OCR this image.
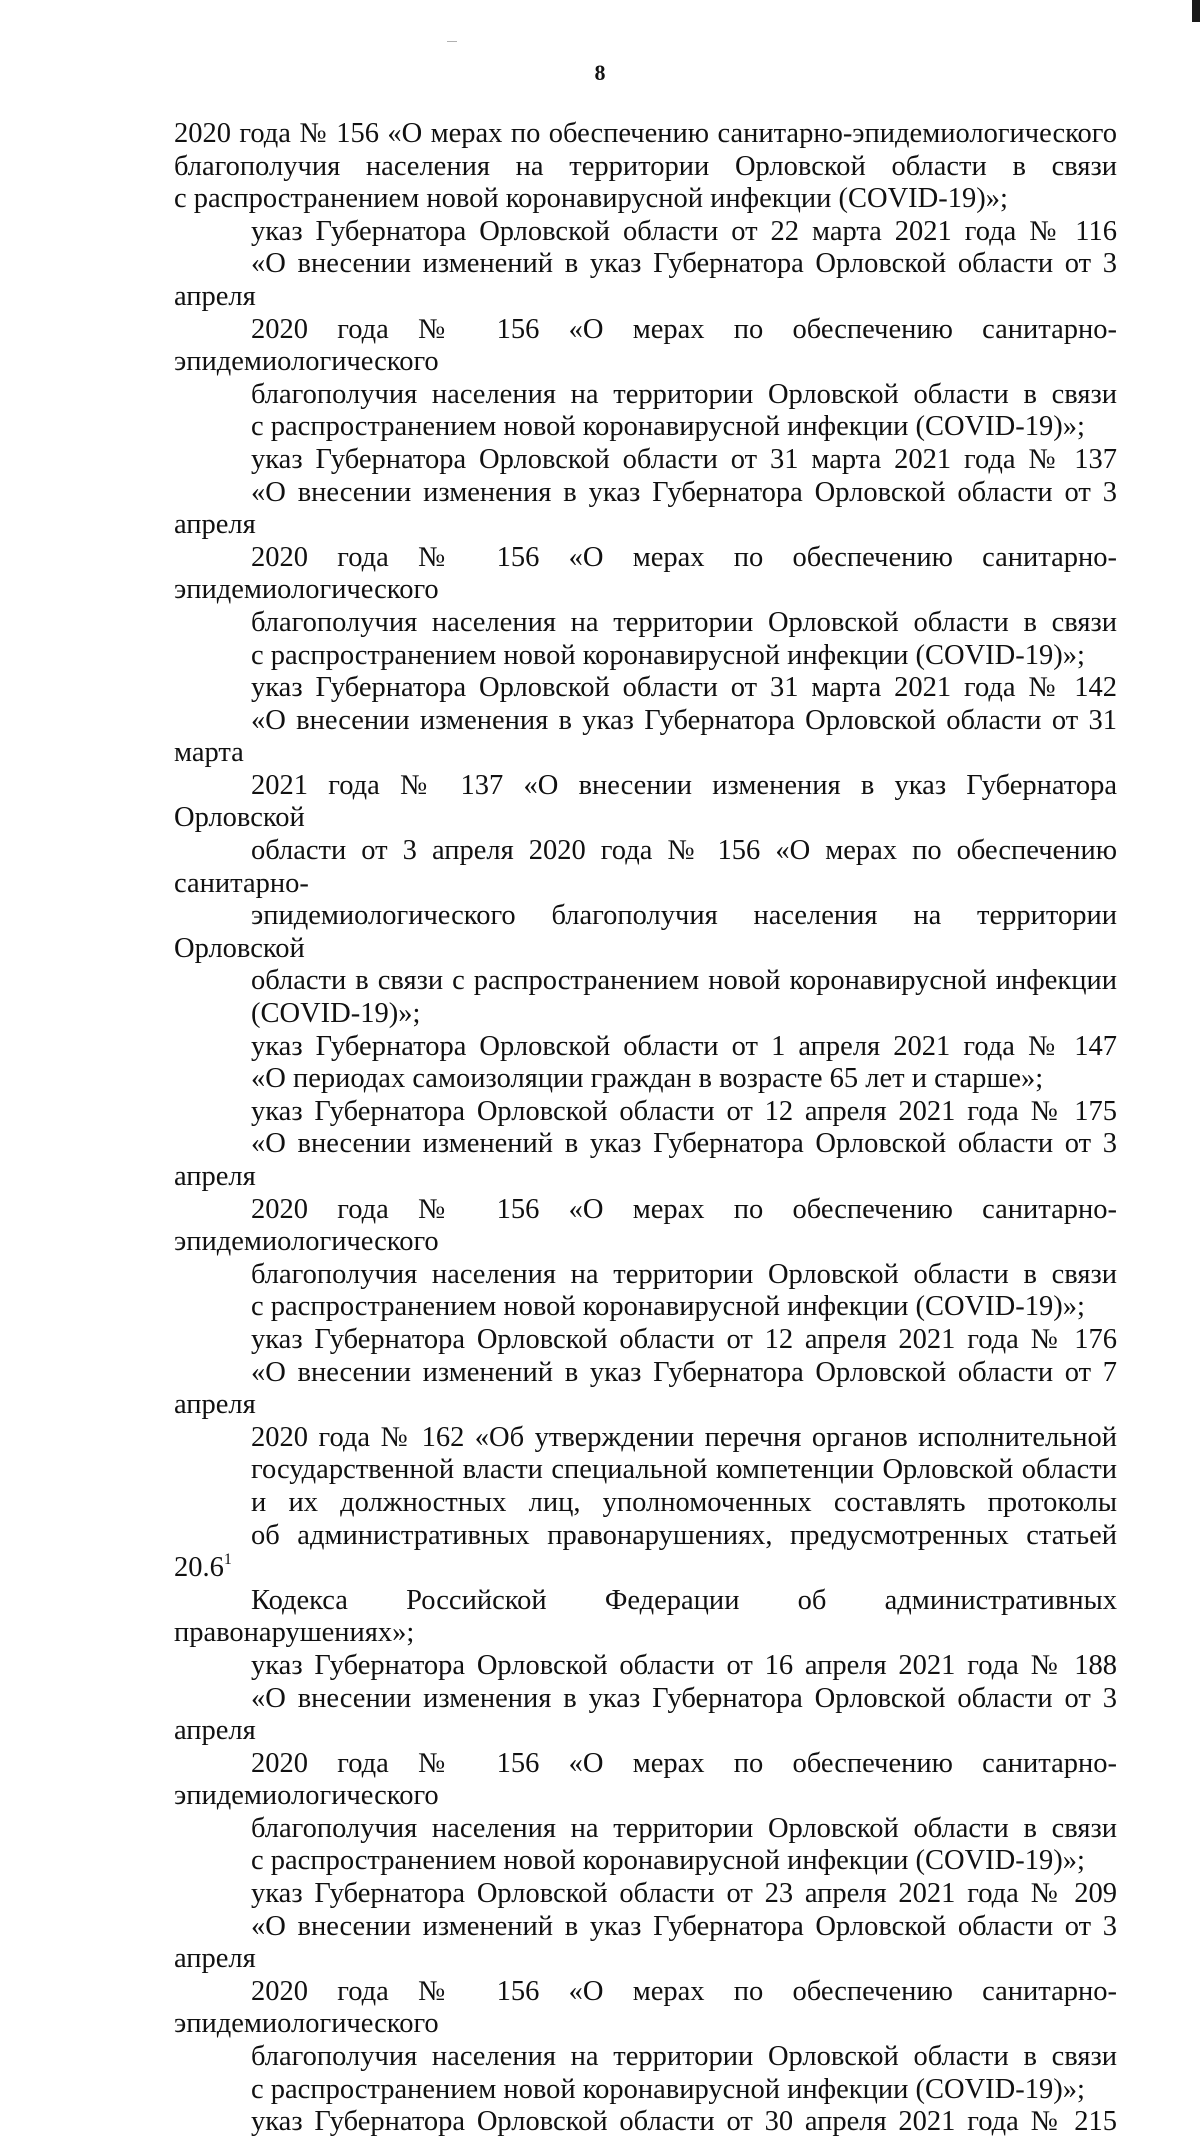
8
2020 года № 156 «О мерах по обеспечению санитарно-эпидемиологического
благополучия населения на территории Орловской области в связи
с распространением новой коронавирусной инфекции (COVID-19)»;
указ Губернатора Орловской области от 22 марта 2021 года № 116
«О внесении изменений в указ Губернатора Орловской области от 3 апреля
2020 года № 156 «О мерах по обеспечению санитарно-эпидемиологического
благополучия населения на территории Орловской области в связи
с распространением новой коронавирусной инфекции (COVID-19)»;
указ Губернатора Орловской области от 31 марта 2021 года № 137
«О внесении изменения в указ Губернатора Орловской области от 3 апреля
2020 года № 156 «О мерах по обеспечению санитарно-эпидемиологического
благополучия населения на территории Орловской области в связи
с распространением новой коронавирусной инфекции (COVID-19)»;
указ Губернатора Орловской области от 31 марта 2021 года № 142
«О внесении изменения в указ Губернатора Орловской области от 31 марта
2021 года № 137 «О внесении изменения в указ Губернатора Орловской
области от 3 апреля 2020 года № 156 «О мерах по обеспечению санитарно-
эпидемиологического благополучия населения на территории Орловской
области в связи с распространением новой коронавирусной инфекции
(COVID-19)»;
указ Губернатора Орловской области от 1 апреля 2021 года № 147
«О периодах самоизоляции граждан в возрасте 65 лет и старше»;
указ Губернатора Орловской области от 12 апреля 2021 года № 175
«О внесении изменений в указ Губернатора Орловской области от 3 апреля
2020 года № 156 «О мерах по обеспечению санитарно-эпидемиологического
благополучия населения на территории Орловской области в связи
с распространением новой коронавирусной инфекции (COVID-19)»;
указ Губернатора Орловской области от 12 апреля 2021 года № 176
«О внесении изменений в указ Губернатора Орловской области от 7 апреля
2020 года № 162 «Об утверждении перечня органов исполнительной
государственной власти специальной компетенции Орловской области
и их должностных лиц, уполномоченных составлять протоколы
об административных правонарушениях, предусмотренных статьей 20.6$^1$
Кодекса Российской Федерации об административных правонарушениях»;
указ Губернатора Орловской области от 16 апреля 2021 года № 188
«О внесении изменения в указ Губернатора Орловской области от 3 апреля
2020 года № 156 «О мерах по обеспечению санитарно-эпидемиологического
благополучия населения на территории Орловской области в связи
с распространением новой коронавирусной инфекции (COVID-19)»;
указ Губернатора Орловской области от 23 апреля 2021 года № 209
«О внесении изменений в указ Губернатора Орловской области от 3 апреля
2020 года № 156 «О мерах по обеспечению санитарно-эпидемиологического
благополучия населения на территории Орловской области в связи
с распространением новой коронавирусной инфекции (COVID-19)»;
указ Губернатора Орловской области от 30 апреля 2021 года № 215
